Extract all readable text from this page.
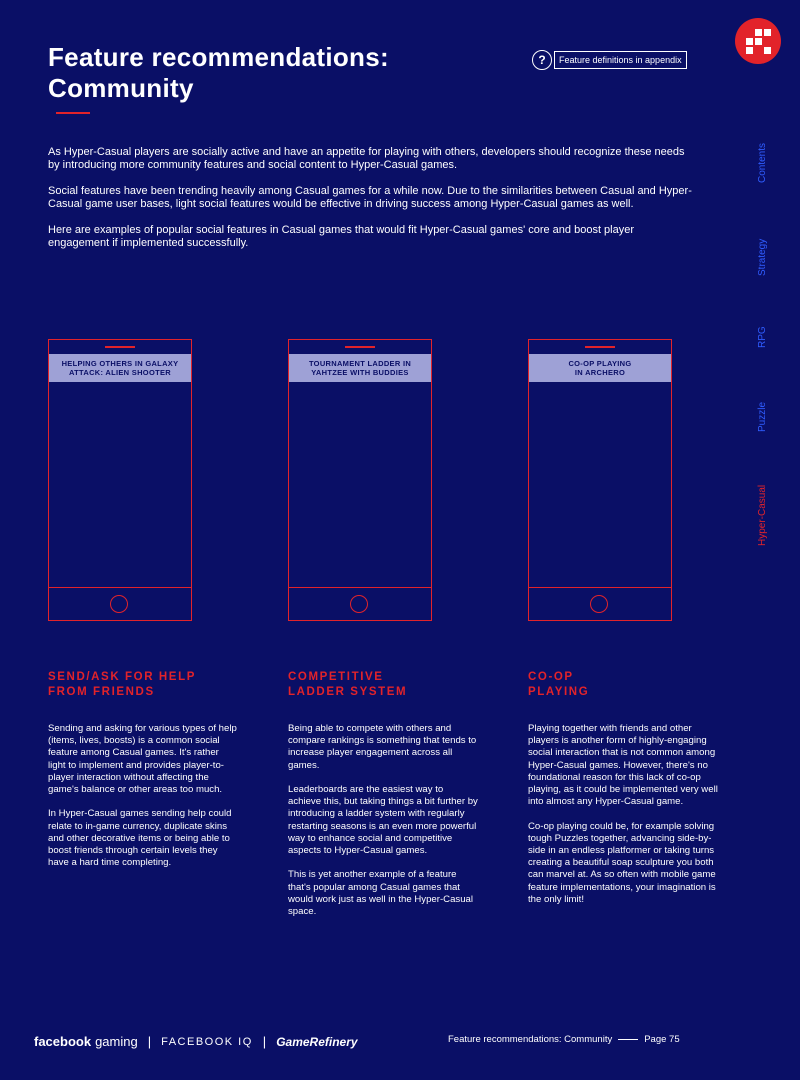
Feature recommendations:
Community
?	Feature definitions in appendix

As Hyper-Casual players are socially active and have an appetite for playing with others, developers should recognize these needs by introducing more community features and social content to Hyper-Casual games.

Social features have been trending heavily among Casual games for a while now. Due to the similarities between Casual and Hyper-Casual game user bases, light social features would be effective in driving success among Hyper-Casual games as well.

Here are examples of popular social features in Casual games that would fit Hyper-Casual games' core and boost player engagement if implemented successfully.

Contents
Strategy
RPG
Puzzle
Hyper-Casual
HELPING OTHERS IN GALAXY
ATTACK: ALIEN SHOOTER
TOURNAMENT LADDER IN
YAHTZEE WITH BUDDIES
CO-OP PLAYING
IN ARCHERO
SEND/ASK FOR HELP
FROM FRIENDS

Sending and asking for various types of help (items, lives, boosts) is a common social feature among Casual games. It's rather light to implement and provides player-to-player interaction without affecting the game's balance or other areas too much.

In Hyper-Casual games sending help could relate to in-game currency, duplicate skins and other decorative items or being able to boost friends through certain levels they have a hard time completing.

COMPETITIVE
LADDER SYSTEM

Being able to compete with others and compare rankings is something that tends to increase player engagement across all games.

Leaderboards are the easiest way to achieve this, but taking things a bit further by introducing a ladder system with regularly restarting seasons is an even more powerful way to enhance social and competitive aspects to Hyper-Casual games.

This is yet another example of a feature that's popular among Casual games that would work just as well in the Hyper-Casual space.

CO-OP
PLAYING

Playing together with friends and other players is another form of highly-engaging social interaction that is not common among Hyper-Casual games. However, there's no foundational reason for this lack of co-op playing, as it could be implemented very well into almost any Hyper-Casual game.

Co-op playing could be, for example solving tough Puzzles together, advancing side-by-side in an endless platformer or taking turns creating a beautiful soap sculpture you both can marvel at. As so often with mobile game feature implementations, your imagination is the only limit!

facebook gaming | FACEBOOK IQ | GameRefinery	Feature recommendations: Community	Page 75
